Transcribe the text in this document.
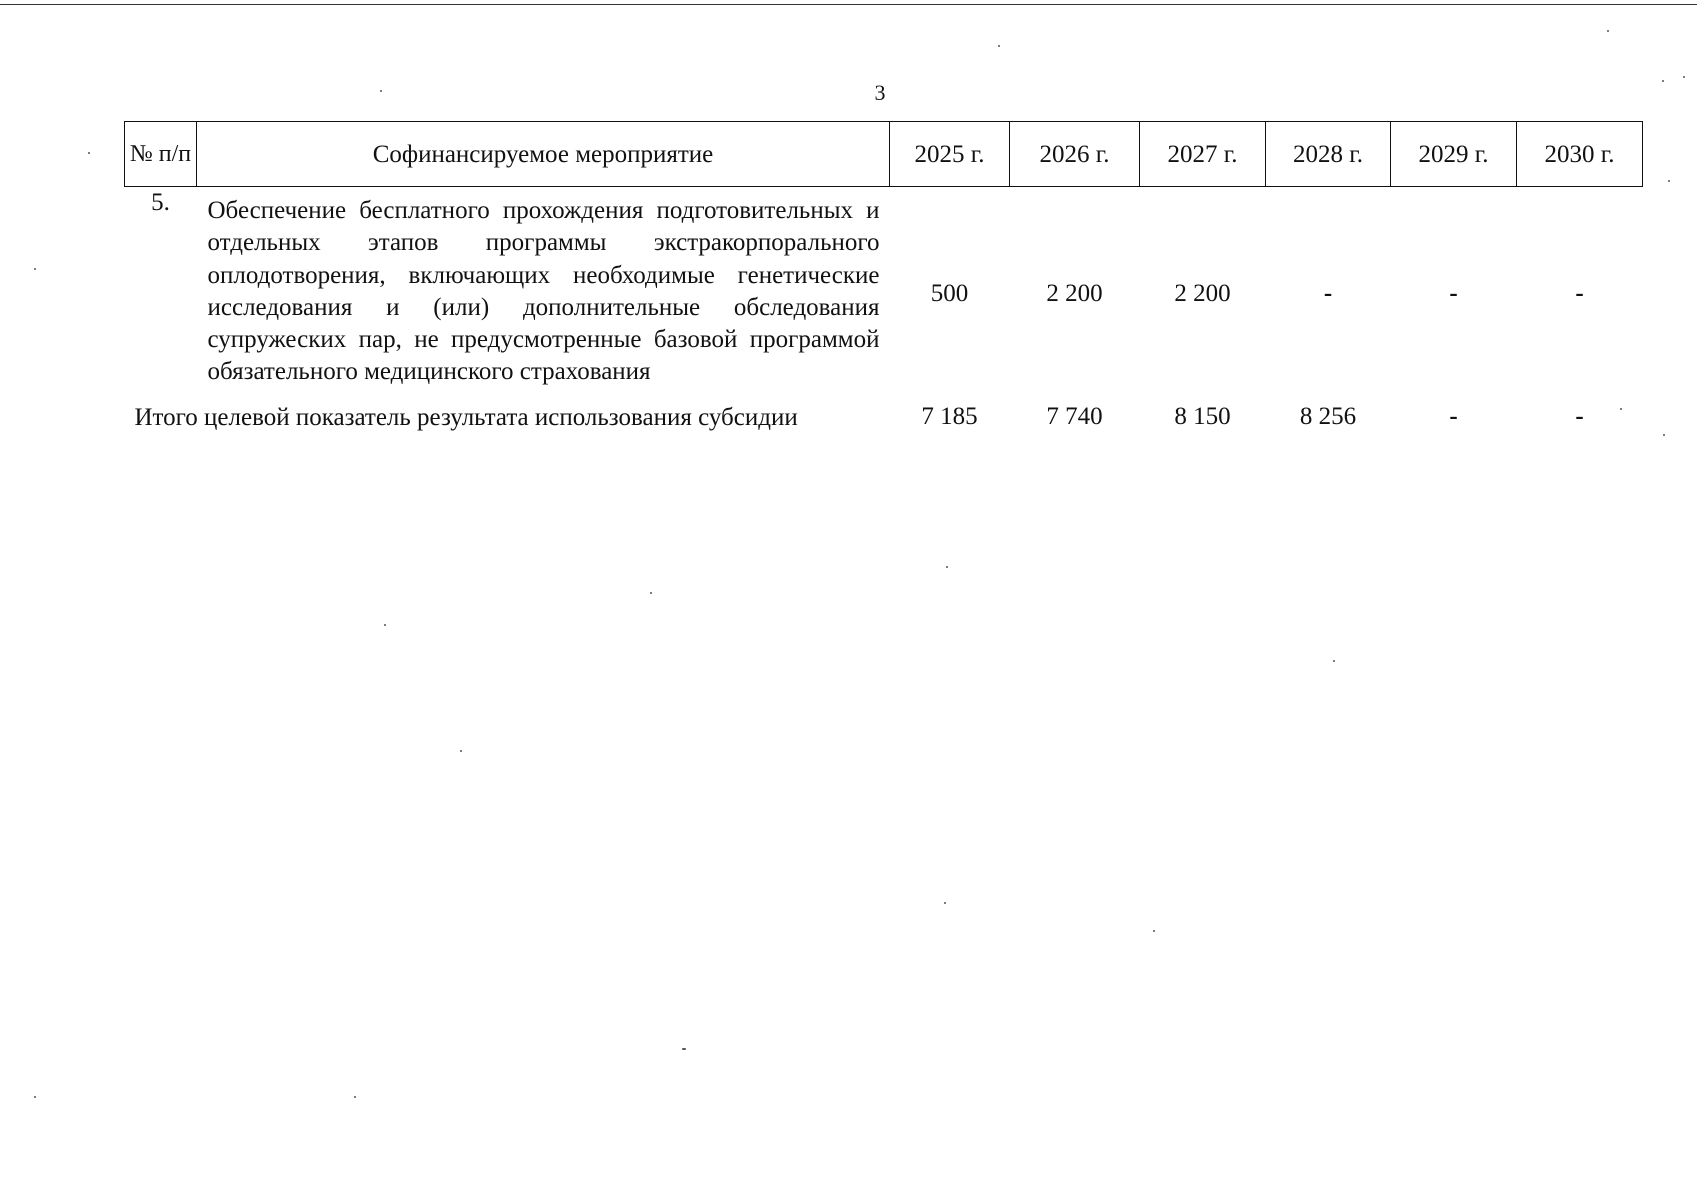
3
№ п/п	Софинансируемое мероприятие	2025 г.	2026 г.	2027 г.	2028 г.	2029 г.	2030 г.
5.	Обеспечение бесплатного прохождения подготовительных и отдельных этапов программы экстракорпорального оплодотворения, включающих необходимые генетические исследования и (или) дополнительные обследования супружеских пар, не предусмотренные базовой программой обязательного медицинского страхования	500	2 200	2 200	-	-	-
Итого целевой показатель результата использования субсидии		7 185	7 740	8 150	8 256	-	-
